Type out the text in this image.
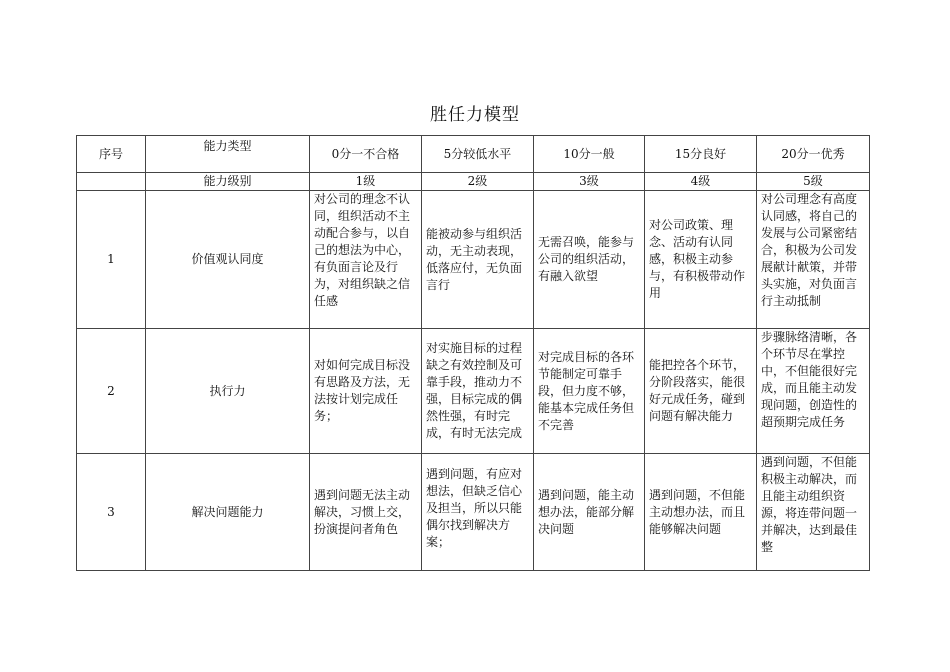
胜任力模型
序号	能力类型	0分一不合格	5分较低水平	10分一般	15分良好	20分一优秀
	能力级别	1级	2级	3级	4级	5级
1	价值观认同度	对公司的理念不认同，组织活动不主动配合参与，以自己的想法为中心，有负面言论及行为，对组织缺之信任感	能被动参与组织活动，无主动表现，低落应付，无负面言行	无需召唤，能参与公司的组织活动，有融入欲望	对公司政策、理念、活动有认同感，积极主动参与，有积极带动作用	对公司理念有高度认同感，将自己的发展与公司紧密结合，积极为公司发展献计献策，并带头实施，对负面言行主动抵制
2	执行力	对如何完成目标没有思路及方法，无法按计划完成任务；	对实施目标的过程缺之有效控制及可靠手段，推动力不强，目标完成的偶然性强，有时完成，有时无法完成	对完成目标的各环节能制定可靠手段，但力度不够，能基本完成任务但不完善	能把控各个环节，分阶段落实，能很好元成任务，碰到问题有解决能力	步骤脉络清晰，各个环节尽在掌控中，不但能很好完成，而且能主动发现问题，创造性的超预期完成任务
3	解决问题能力	遇到问题无法主动解决，习惯上交，扮演提问者角色	遇到问题，有应对想法，但缺乏信心及担当，所以只能偶尔找到解决方案；	遇到问题，能主动想办法，能部分解决问题	遇到问题，不但能主动想办法，而且能够解决问题	遇到问题，不但能积极主动解决，而且能主动组织资源，将连带问题一并解决，达到最佳整
